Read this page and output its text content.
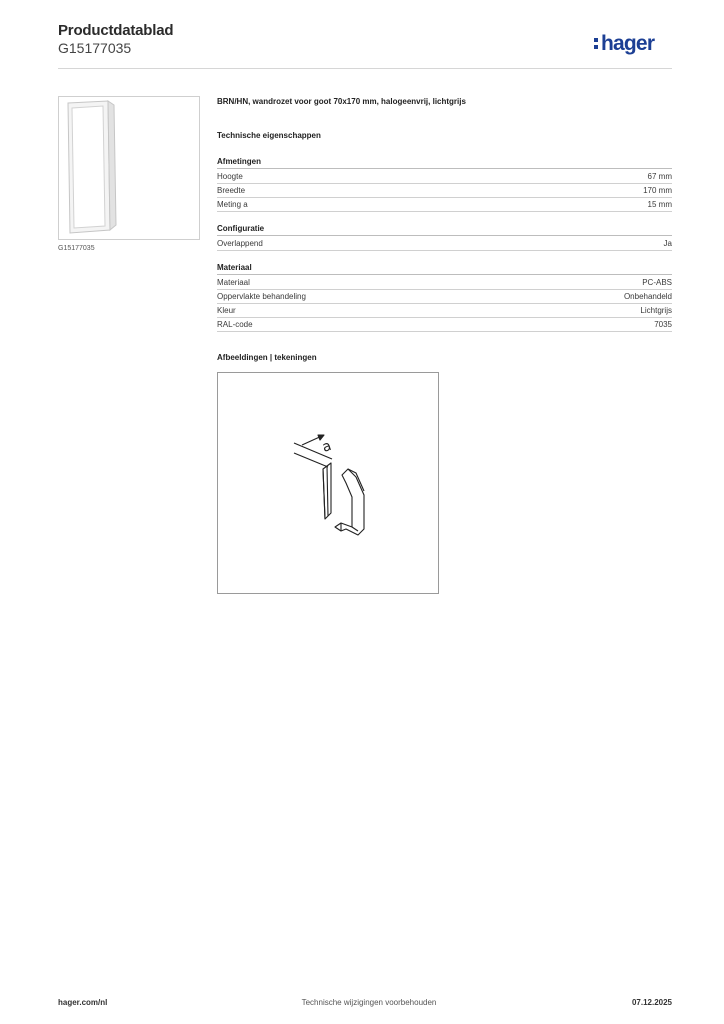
Productdatablad
G15177035	hager
G15177035
BRN/HN, wandrozet voor goot 70x170 mm, halogeenvrij, lichtgrijs
Technische eigenschappen
Afmetingen
Hoogte	67 mm
Breedte	170 mm
Meting a	15 mm
Configuratie
Overlappend	Ja
Materiaal
Materiaal	PC-ABS
Oppervlakte behandeling	Onbehandeld
Kleur	Lichtgrijs
RAL-code	7035
Afbeeldingen | tekeningen
a
hager.com/nl	Technische wijzigingen voorbehouden	07.12.2025
